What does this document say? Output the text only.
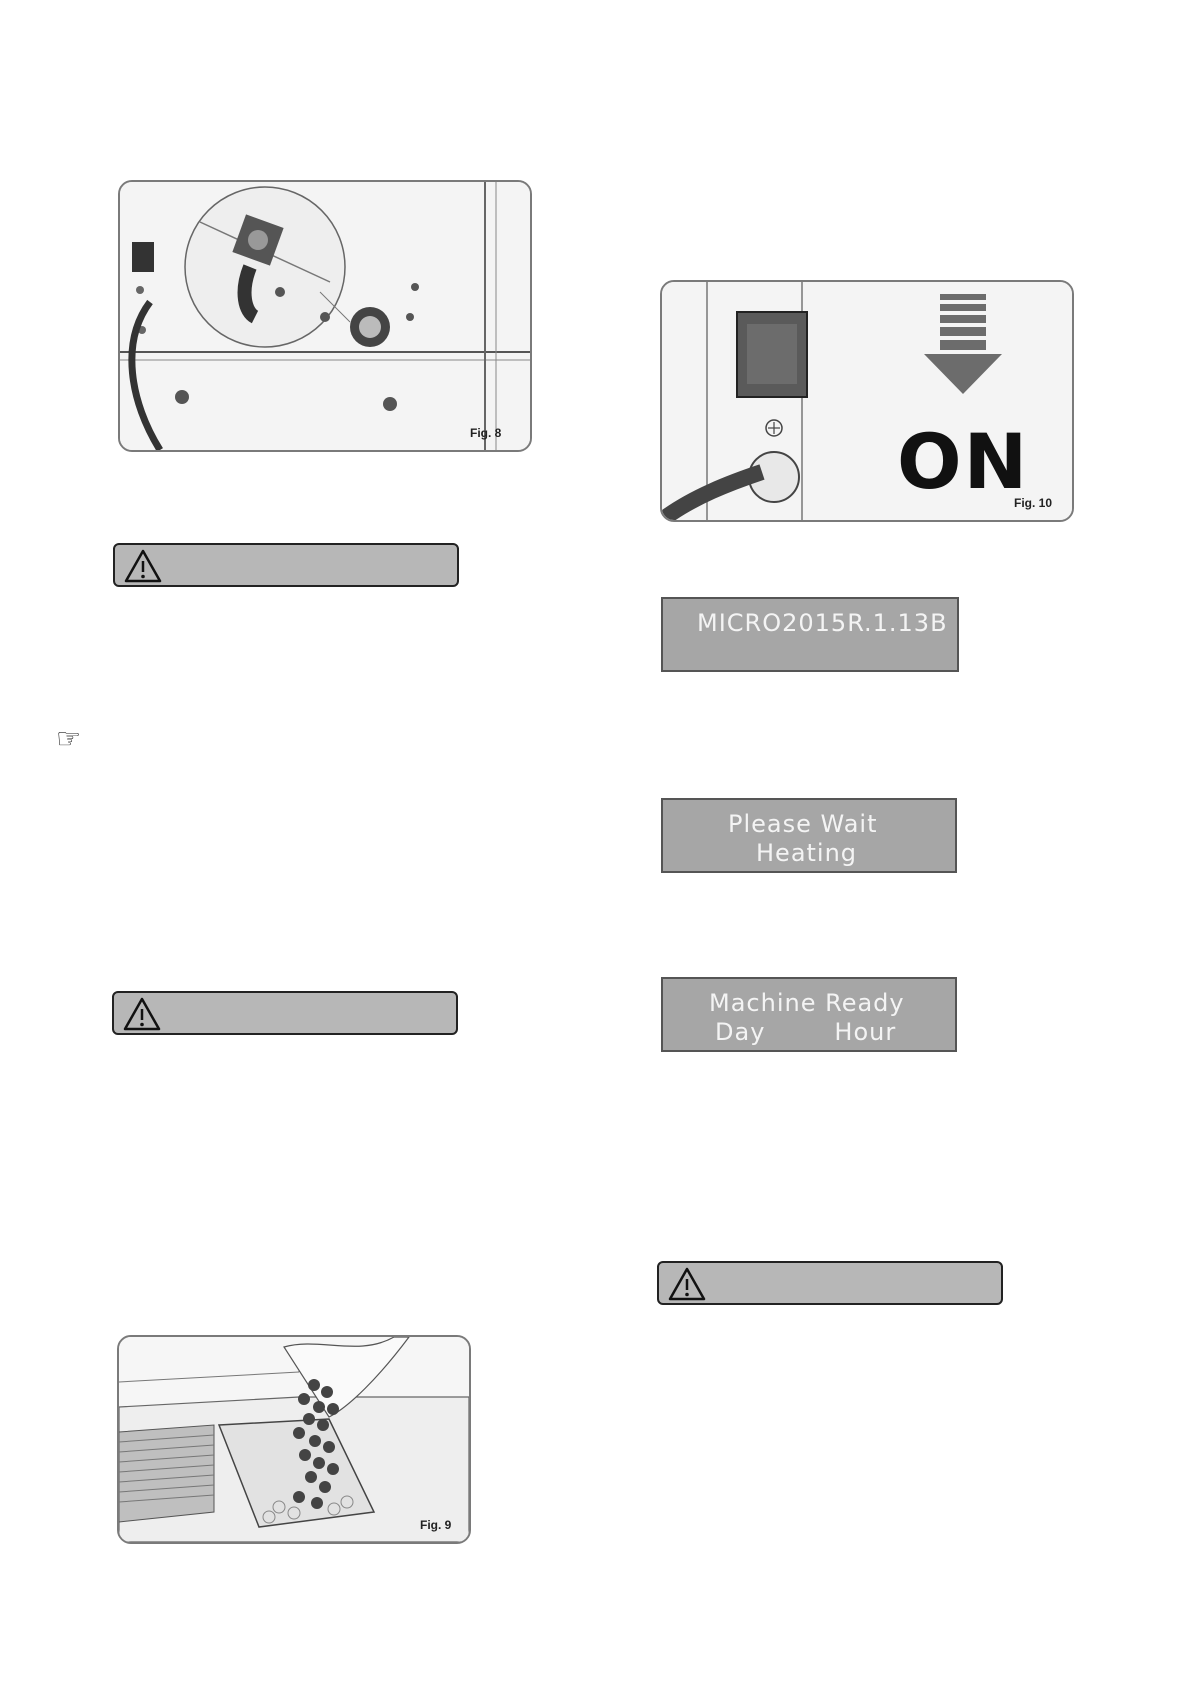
Fig. 8
☞
Fig. 9
ON
Fig. 10
MICRO2015R.1.13B
Please Wait
Heating
Machine Ready
Day        Hour
